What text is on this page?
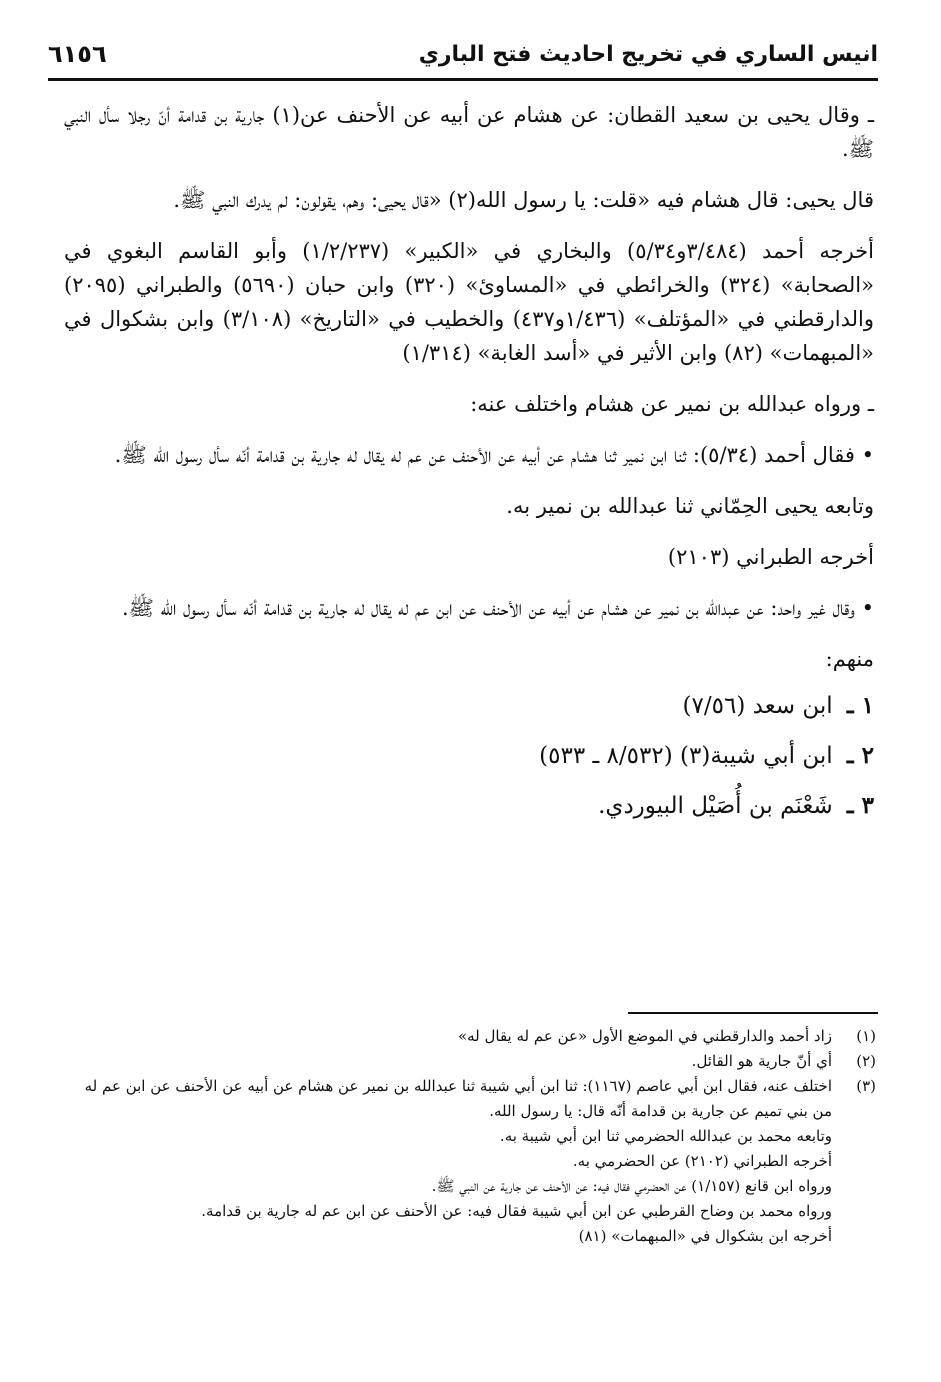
انيس الساري في تخريج احاديث فتح الباري
٦١٥٦

ـ وقال يحيى بن سعيد القطان: عن هشام عن أبيه عن الأحنف عن(١) جارية بن قدامة أنّ رجلا سأل النبي ﷺ.

قال يحيى: قال هشام فيه «قلت: يا رسول الله(٢) «قال يحيى: وهم، يقولون: لم يدرك النبي ﷺ.

أخرجه أحمد (٣/٤٨٤و٥/٣٤) والبخاري في «الكبير» (١/٢/٢٣٧) وأبو القاسم البغوي في «الصحابة» (٣٢٤) والخرائطي في «المساوئ» (٣٢٠) وابن حبان (٥٦٩٠) والطبراني (٢٠٩٥) والدارقطني في «المؤتلف» (١/٤٣٦و٤٣٧) والخطيب في «التاريخ» (٣/١٠٨) وابن بشكوال في «المبهمات» (٨٢) وابن الأثير في «أسد الغابة» (١/٣١٤)

ـ ورواه عبدالله بن نمير عن هشام واختلف عنه:

• فقال أحمد (٥/٣٤): ثنا ابن نمير ثنا هشام عن أبيه عن الأحنف عن عم له يقال له جارية بن قدامة أنّه سأل رسول الله ﷺ.

وتابعه يحيى الحِمّاني ثنا عبدالله بن نمير به.

أخرجه الطبراني (٢١٠٣)

• وقال غير واحد: عن عبدالله بن نمير عن هشام عن أبيه عن الأحنف عن ابن عم له يقال له جارية بن قدامة أنّه سأل رسول الله ﷺ.

منهم:

١ ـ ابن سعد (٧/٥٦)
٢ ـ ابن أبي شيبة(٣) (٨/٥٣٢ ـ ٥٣٣)
٣ ـ شَعْنَم بن أُصَيْل البيوردي.
(١)
زاد أحمد والدارقطني في الموضع الأول «عن عم له يقال له»
(٢)
أي أنّ جارية هو القائل.
(٣)
اختلف عنه، فقال ابن أبي عاصم (١١٦٧): ثنا ابن أبي شيبة ثنا عبدالله بن نمير عن هشام عن أبيه عن الأحنف عن ابن عم له من بني تميم عن جارية بن قدامة أنّه قال: يا رسول الله.
وتابعه محمد بن عبدالله الحضرمي ثنا ابن أبي شيبة به.
أخرجه الطبراني (٢١٠٢) عن الحضرمي به.
ورواه ابن قانع (١/١٥٧) عن الحضرمي فقال فيه: عن الأحنف عن جارية عن النبي ﷺ.
ورواه محمد بن وضاح القرطبي عن ابن أبي شيبة فقال فيه: عن الأحنف عن ابن عم له جارية بن قدامة.
أخرجه ابن بشكوال في «المبهمات» (٨١)
